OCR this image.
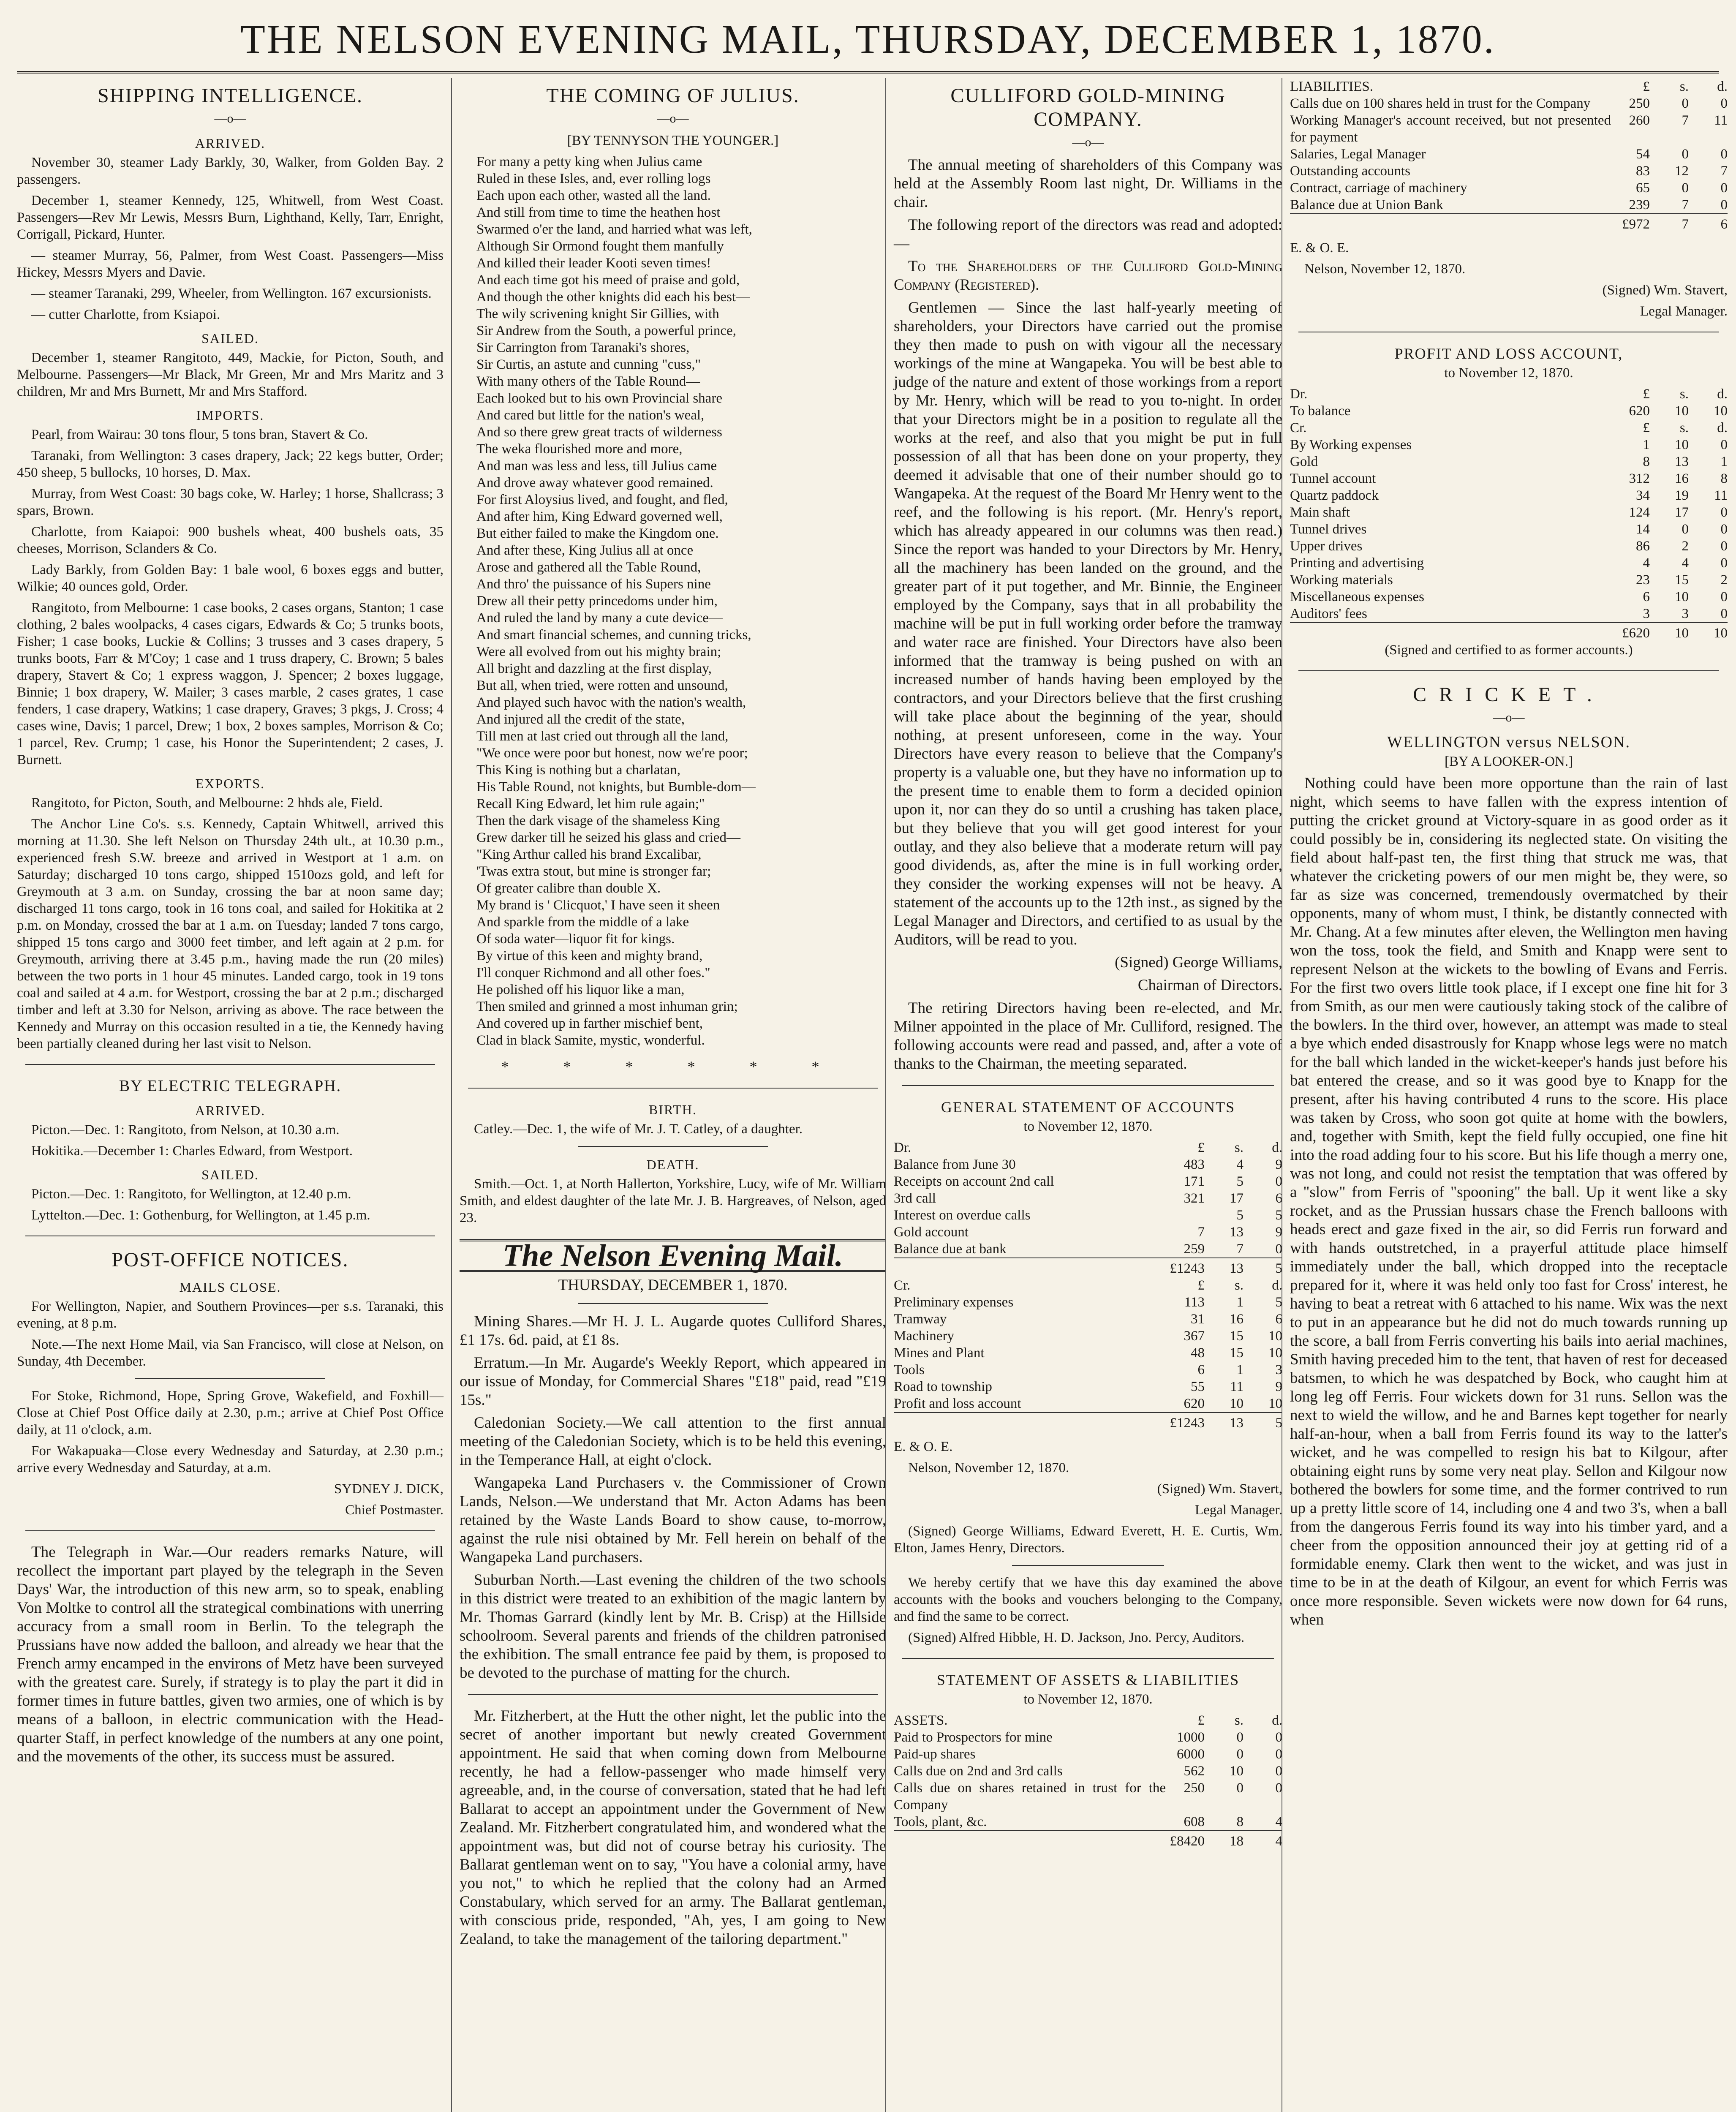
THE NELSON EVENING MAIL, THURSDAY, DECEMBER 1, 1870.
SHIPPING INTELLIGENCE.
—o—
ARRIVED.

November 30, steamer Lady Barkly, 30, Walker, from Golden Bay. 2 passengers.

December 1, steamer Kennedy, 125, Whitwell, from West Coast. Passengers—Rev Mr Lewis, Messrs Burn, Lighthand, Kelly, Tarr, Enright, Corrigall, Pickard, Hunter.

— steamer Murray, 56, Palmer, from West Coast. Passengers—Miss Hickey, Messrs Myers and Davie.

— steamer Taranaki, 299, Wheeler, from Wellington. 167 excursionists.

— cutter Charlotte, from Ksiapoi.

SAILED.

December 1, steamer Rangitoto, 449, Mackie, for Picton, South, and Melbourne. Passengers—Mr Black, Mr Green, Mr and Mrs Maritz and 3 children, Mr and Mrs Burnett, Mr and Mrs Stafford.

IMPORTS.

Pearl, from Wairau: 30 tons flour, 5 tons bran, Stavert & Co.

Taranaki, from Wellington: 3 cases drapery, Jack; 22 kegs butter, Order; 450 sheep, 5 bullocks, 10 horses, D. Max.

Murray, from West Coast: 30 bags coke, W. Harley; 1 horse, Shallcrass; 3 spars, Brown.

Charlotte, from Kaiapoi: 900 bushels wheat, 400 bushels oats, 35 cheeses, Morrison, Sclanders & Co.

Lady Barkly, from Golden Bay: 1 bale wool, 6 boxes eggs and butter, Wilkie; 40 ounces gold, Order.

Rangitoto, from Melbourne: 1 case books, 2 cases organs, Stanton; 1 case clothing, 2 bales woolpacks, 4 cases cigars, Edwards & Co; 5 trunks boots, Fisher; 1 case books, Luckie & Collins; 3 trusses and 3 cases drapery, 5 trunks boots, Farr & M'Coy; 1 case and 1 truss drapery, C. Brown; 5 bales drapery, Stavert & Co; 1 express waggon, J. Spencer; 2 boxes luggage, Binnie; 1 box drapery, W. Mailer; 3 cases marble, 2 cases grates, 1 case fenders, 1 case drapery, Watkins; 1 case drapery, Graves; 3 pkgs, J. Cross; 4 cases wine, Davis; 1 parcel, Drew; 1 box, 2 boxes samples, Morrison & Co; 1 parcel, Rev. Crump; 1 case, his Honor the Superintendent; 2 cases, J. Burnett.

EXPORTS.

Rangitoto, for Picton, South, and Melbourne: 2 hhds ale, Field.

The Anchor Line Co's. s.s. Kennedy, Captain Whitwell, arrived this morning at 11.30. She left Nelson on Thursday 24th ult., at 10.30 p.m., experienced fresh S.W. breeze and arrived in Westport at 1 a.m. on Saturday; discharged 10 tons cargo, shipped 1510ozs gold, and left for Greymouth at 3 a.m. on Sunday, crossing the bar at noon same day; discharged 11 tons cargo, took in 16 tons coal, and sailed for Hokitika at 2 p.m. on Monday, crossed the bar at 1 a.m. on Tuesday; landed 7 tons cargo, shipped 15 tons cargo and 3000 feet timber, and left again at 2 p.m. for Greymouth, arriving there at 3.45 p.m., having made the run (20 miles) between the two ports in 1 hour 45 minutes. Landed cargo, took in 19 tons coal and sailed at 4 a.m. for Westport, crossing the bar at 2 p.m.; discharged timber and left at 3.30 for Nelson, arriving as above. The race between the Kennedy and Murray on this occasion resulted in a tie, the Kennedy having been partially cleaned during her last visit to Nelson.

BY ELECTRIC TELEGRAPH.
ARRIVED.

Picton.—Dec. 1: Rangitoto, from Nelson, at 10.30 a.m.

Hokitika.—December 1: Charles Edward, from Westport.

SAILED.

Picton.—Dec. 1: Rangitoto, for Wellington, at 12.40 p.m.

Lyttelton.—Dec. 1: Gothenburg, for Wellington, at 1.45 p.m.

POST-OFFICE NOTICES.
MAILS CLOSE.

For Wellington, Napier, and Southern Provinces—per s.s. Taranaki, this evening, at 8 p.m.

Note.—The next Home Mail, via San Francisco, will close at Nelson, on Sunday, 4th December.

For Stoke, Richmond, Hope, Spring Grove, Wakefield, and Foxhill—Close at Chief Post Office daily at 2.30, p.m.; arrive at Chief Post Office daily, at 11 o'clock, a.m.

For Wakapuaka—Close every Wednesday and Saturday, at 2.30 p.m.; arrive every Wednesday and Saturday, at a.m.

SYDNEY J. DICK,

Chief Postmaster.

The Telegraph in War.—Our readers remarks Nature, will recollect the important part played by the telegraph in the Seven Days' War, the introduction of this new arm, so to speak, enabling Von Moltke to control all the strategical combinations with unerring accuracy from a small room in Berlin. To the telegraph the Prussians have now added the balloon, and already we hear that the French army encamped in the environs of Metz have been surveyed with the greatest care. Surely, if strategy is to play the part it did in former times in future battles, given two armies, one of which is by means of a balloon, in electric communication with the Head-quarter Staff, in perfect knowledge of the numbers at any one point, and the movements of the other, its success must be assured.

THE COMING OF JULIUS.
—o—

[BY TENNYSON THE YOUNGER.]

For many a petty king when Julius came

Ruled in these Isles, and, ever rolling logs

Each upon each other, wasted all the land.

And still from time to time the heathen host

Swarmed o'er the land, and harried what was left,

Although Sir Ormond fought them manfully

And killed their leader Kooti seven times!

And each time got his meed of praise and gold,

And though the other knights did each his best—

The wily scrivening knight Sir Gillies, with

Sir Andrew from the South, a powerful prince,

Sir Carrington from Taranaki's shores,

Sir Curtis, an astute and cunning "cuss,"

With many others of the Table Round—

Each looked but to his own Provincial share

And cared but little for the nation's weal,

And so there grew great tracts of wilderness

The weka flourished more and more,

And man was less and less, till Julius came

And drove away whatever good remained.

For first Aloysius lived, and fought, and fled,

And after him, King Edward governed well,

But either failed to make the Kingdom one.

And after these, King Julius all at once

Arose and gathered all the Table Round,

And thro' the puissance of his Supers nine

Drew all their petty princedoms under him,

And ruled the land by many a cute device—

And smart financial schemes, and cunning tricks,

Were all evolved from out his mighty brain;

All bright and dazzling at the first display,

But all, when tried, were rotten and unsound,

And played such havoc with the nation's wealth,

And injured all the credit of the state,

Till men at last cried out through all the land,

"We once were poor but honest, now we're poor;

This King is nothing but a charlatan,

His Table Round, not knights, but Bumble-dom—

Recall King Edward, let him rule again;"

Then the dark visage of the shameless King

Grew darker till he seized his glass and cried—

"King Arthur called his brand Excalibar,

'Twas extra stout, but mine is stronger far;

Of greater calibre than double X.

My brand is ' Clicquot,' I have seen it sheen

And sparkle from the middle of a lake

Of soda water—liquor fit for kings.

By virtue of this keen and mighty brand,

I'll conquer Richmond and all other foes."

He polished off his liquor like a man,

Then smiled and grinned a most inhuman grin;

And covered up in farther mischief bent,

Clad in black Samite, mystic, wonderful.

* * * * * *
BIRTH.

Catley.—Dec. 1, the wife of Mr. J. T. Catley, of a daughter.

DEATH.

Smith.—Oct. 1, at North Hallerton, Yorkshire, Lucy, wife of Mr. William Smith, and eldest daughter of the late Mr. J. B. Hargreaves, of Nelson, aged 23.

The Nelson Evening Mail.

THURSDAY, DECEMBER 1, 1870.

Mining Shares.—Mr H. J. L. Augarde quotes Culliford Shares, £1 17s. 6d. paid, at £1 8s.

Erratum.—In Mr. Augarde's Weekly Report, which appeared in our issue of Monday, for Commercial Shares "£18" paid, read "£19 15s."

Caledonian Society.—We call attention to the first annual meeting of the Caledonian Society, which is to be held this evening, in the Temperance Hall, at eight o'clock.

Wangapeka Land Purchasers v. the Commissioner of Crown Lands, Nelson.—We understand that Mr. Acton Adams has been retained by the Waste Lands Board to show cause, to-morrow, against the rule nisi obtained by Mr. Fell herein on behalf of the Wangapeka Land purchasers.

Suburban North.—Last evening the children of the two schools in this district were treated to an exhibition of the magic lantern by Mr. Thomas Garrard (kindly lent by Mr. B. Crisp) at the Hillside schoolroom. Several parents and friends of the children patronised the exhibition. The small entrance fee paid by them, is proposed to be devoted to the purchase of matting for the church.

Mr. Fitzherbert, at the Hutt the other night, let the public into the secret of another important but newly created Government appointment. He said that when coming down from Melbourne recently, he had a fellow-passenger who made himself very agreeable, and, in the course of conversation, stated that he had left Ballarat to accept an appointment under the Government of New Zealand. Mr. Fitzherbert congratulated him, and wondered what the appointment was, but did not of course betray his curiosity. The Ballarat gentleman went on to say, "You have a colonial army, have you not," to which he replied that the colony had an Armed Constabulary, which served for an army. The Ballarat gentleman, with conscious pride, responded, "Ah, yes, I am going to New Zealand, to take the management of the tailoring department."

CULLIFORD GOLD-MINING COMPANY.
—o—

The annual meeting of shareholders of this Company was held at the Assembly Room last night, Dr. Williams in the chair.

The following report of the directors was read and adopted:—

To the Shareholders of the Culliford Gold-Mining Company (Registered).

Gentlemen — Since the last half-yearly meeting of shareholders, your Directors have carried out the promise they then made to push on with vigour all the necessary workings of the mine at Wangapeka. You will be best able to judge of the nature and extent of those workings from a report by Mr. Henry, which will be read to you to-night. In order that your Directors might be in a position to regulate all the works at the reef, and also that you might be put in full possession of all that has been done on your property, they deemed it advisable that one of their number should go to Wangapeka. At the request of the Board Mr Henry went to the reef, and the following is his report. (Mr. Henry's report, which has already appeared in our columns was then read.) Since the report was handed to your Directors by Mr. Henry, all the machinery has been landed on the ground, and the greater part of it put together, and Mr. Binnie, the Engineer employed by the Company, says that in all probability the machine will be put in full working order before the tramway and water race are finished. Your Directors have also been informed that the tramway is being pushed on with an increased number of hands having been employed by the contractors, and your Directors believe that the first crushing will take place about the beginning of the year, should nothing, at present unforeseen, come in the way. Your Directors have every reason to believe that the Company's property is a valuable one, but they have no information up to the present time to enable them to form a decided opinion upon it, nor can they do so until a crushing has taken place, but they believe that you will get good interest for your outlay, and they also believe that a moderate return will pay good dividends, as, after the mine is in full working order, they consider the working expenses will not be heavy. A statement of the accounts up to the 12th inst., as signed by the Legal Manager and Directors, and certified to as usual by the Auditors, will be read to you.

(Signed) George Williams,

Chairman of Directors.

The retiring Directors having been re-elected, and Mr. Milner appointed in the place of Mr. Culliford, resigned. The following accounts were read and passed, and, after a vote of thanks to the Chairman, the meeting separated.

GENERAL STATEMENT OF ACCOUNTS

to November 12, 1870.

Dr.	£	s.	d.
Balance from June 30	483	4	9
Receipts on account 2nd call	171	5	0
3rd call	321	17	6
Interest on overdue calls		5	5
Gold account	7	13	9
Balance due at bank	259	7	0
	£1243	13	5
Cr.	£	s.	d.
Preliminary expenses	113	1	5
Tramway	31	16	6
Machinery	367	15	10
Mines and Plant	48	15	10
Tools	6	1	3
Road to township	55	11	9
Profit and loss account	620	10	10
	£1243	13	5

E. & O. E.

Nelson, November 12, 1870.

(Signed) Wm. Stavert,

Legal Manager.

(Signed) George Williams, Edward Everett, H. E. Curtis, Wm. Elton, James Henry, Directors.

We hereby certify that we have this day examined the above accounts with the books and vouchers belonging to the Company, and find the same to be correct.

(Signed) Alfred Hibble, H. D. Jackson, Jno. Percy, Auditors.

STATEMENT OF ASSETS & LIABILITIES

to November 12, 1870.

ASSETS.	£	s.	d.
Paid to Prospectors for mine	1000	0	0
Paid-up shares	6000	0	0
Calls due on 2nd and 3rd calls	562	10	0
Calls due on shares retained in trust for the Company	250	0	0
Tools, plant, &c.	608	8	4
	£8420	18	4
LIABILITIES.	£	s.	d.
Calls due on 100 shares held in trust for the Company	250	0	0
Working Manager's account received, but not presented for payment	260	7	11
Salaries, Legal Manager	54	0	0
Outstanding accounts	83	12	7
Contract, carriage of machinery	65	0	0
Balance due at Union Bank	239	7	0
	£972	7	6

E. & O. E.

Nelson, November 12, 1870.

(Signed) Wm. Stavert,

Legal Manager.

PROFIT AND LOSS ACCOUNT,

to November 12, 1870.

Dr.	£	s.	d.
To balance	620	10	10
Cr.	£	s.	d.
By Working expenses	1	10	0
Gold	8	13	1
Tunnel account	312	16	8
Quartz paddock	34	19	11
Main shaft	124	17	0
Tunnel drives	14	0	0
Upper drives	86	2	0
Printing and advertising	4	4	0
Working materials	23	15	2
Miscellaneous expenses	6	10	0
Auditors' fees	3	3	0
	£620	10	10

(Signed and certified to as former accounts.)

CRICKET.
—o—
WELLINGTON versus NELSON.

[BY A LOOKER-ON.]

Nothing could have been more opportune than the rain of last night, which seems to have fallen with the express intention of putting the cricket ground at Victory-square in as good order as it could possibly be in, considering its neglected state. On visiting the field about half-past ten, the first thing that struck me was, that whatever the cricketing powers of our men might be, they were, so far as size was concerned, tremendously overmatched by their opponents, many of whom must, I think, be distantly connected with Mr. Chang. At a few minutes after eleven, the Wellington men having won the toss, took the field, and Smith and Knapp were sent to represent Nelson at the wickets to the bowling of Evans and Ferris. For the first two overs little took place, if I except one fine hit for 3 from Smith, as our men were cautiously taking stock of the calibre of the bowlers. In the third over, however, an attempt was made to steal a bye which ended disastrously for Knapp whose legs were no match for the ball which landed in the wicket-keeper's hands just before his bat entered the crease, and so it was good bye to Knapp for the present, after his having contributed 4 runs to the score. His place was taken by Cross, who soon got quite at home with the bowlers, and, together with Smith, kept the field fully occupied, one fine hit into the road adding four to his score. But his life though a merry one, was not long, and could not resist the temptation that was offered by a "slow" from Ferris of "spooning" the ball. Up it went like a sky rocket, and as the Prussian hussars chase the French balloons with heads erect and gaze fixed in the air, so did Ferris run forward and with hands outstretched, in a prayerful attitude place himself immediately under the ball, which dropped into the receptacle prepared for it, where it was held only too fast for Cross' interest, he having to beat a retreat with 6 attached to his name. Wix was the next to put in an appearance but he did not do much towards running up the score, a ball from Ferris converting his bails into aerial machines, Smith having preceded him to the tent, that haven of rest for deceased batsmen, to which he was despatched by Bock, who caught him at long leg off Ferris. Four wickets down for 31 runs. Sellon was the next to wield the willow, and he and Barnes kept together for nearly half-an-hour, when a ball from Ferris found its way to the latter's wicket, and he was compelled to resign his bat to Kilgour, after obtaining eight runs by some very neat play. Sellon and Kilgour now bothered the bowlers for some time, and the former contrived to run up a pretty little score of 14, including one 4 and two 3's, when a ball from the dangerous Ferris found its way into his timber yard, and a cheer from the opposition announced their joy at getting rid of a formidable enemy. Clark then went to the wicket, and was just in time to be in at the death of Kilgour, an event for which Ferris was once more responsible. Seven wickets were now down for 64 runs, when
